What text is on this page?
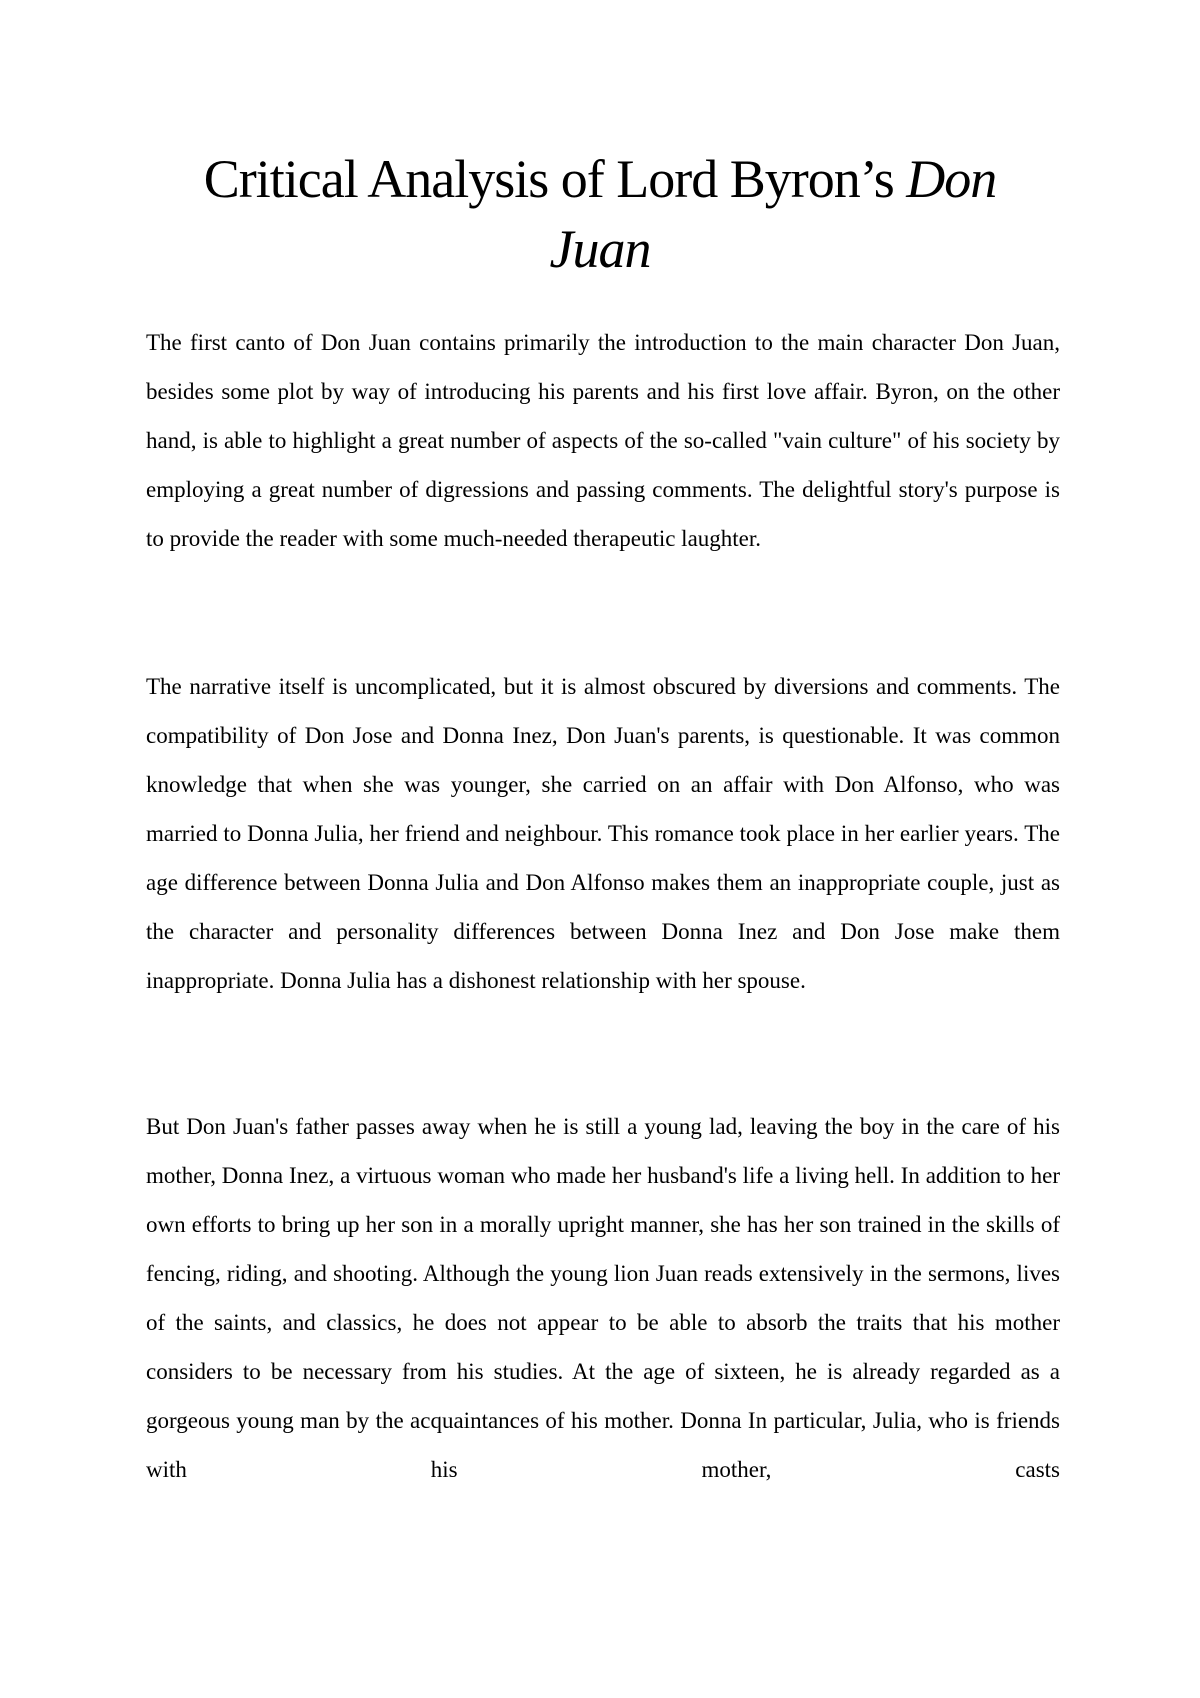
Critical Analysis of Lord Byron’s Don Juan

The first canto of Don Juan contains primarily the introduction to the main character Don Juan, besides some plot by way of introducing his parents and his first love affair. Byron, on the other hand, is able to highlight a great number of aspects of the so-called "vain culture" of his society by employing a great number of digressions and passing comments. The delightful story's purpose is to provide the reader with some much-needed therapeutic laughter.

The narrative itself is uncomplicated, but it is almost obscured by diversions and comments. The compatibility of Don Jose and Donna Inez, Don Juan's parents, is questionable. It was common knowledge that when she was younger, she carried on an affair with Don Alfonso, who was married to Donna Julia, her friend and neighbour. This romance took place in her earlier years. The age difference between Donna Julia and Don Alfonso makes them an inappropriate couple, just as the character and personality differences between Donna Inez and Don Jose make them inappropriate. Donna Julia has a dishonest relationship with her spouse.

But Don Juan's father passes away when he is still a young lad, leaving the boy in the care of his mother, Donna Inez, a virtuous woman who made her husband's life a living hell. In addition to her own efforts to bring up her son in a morally upright manner, she has her son trained in the skills of fencing, riding, and shooting. Although the young lion Juan reads extensively in the sermons, lives of the saints, and classics, he does not appear to be able to absorb the traits that his mother considers to be necessary from his studies. At the age of sixteen, he is already regarded as a gorgeous young man by the acquaintances of his mother. Donna In particular, Julia, who is friends with his mother, casts
